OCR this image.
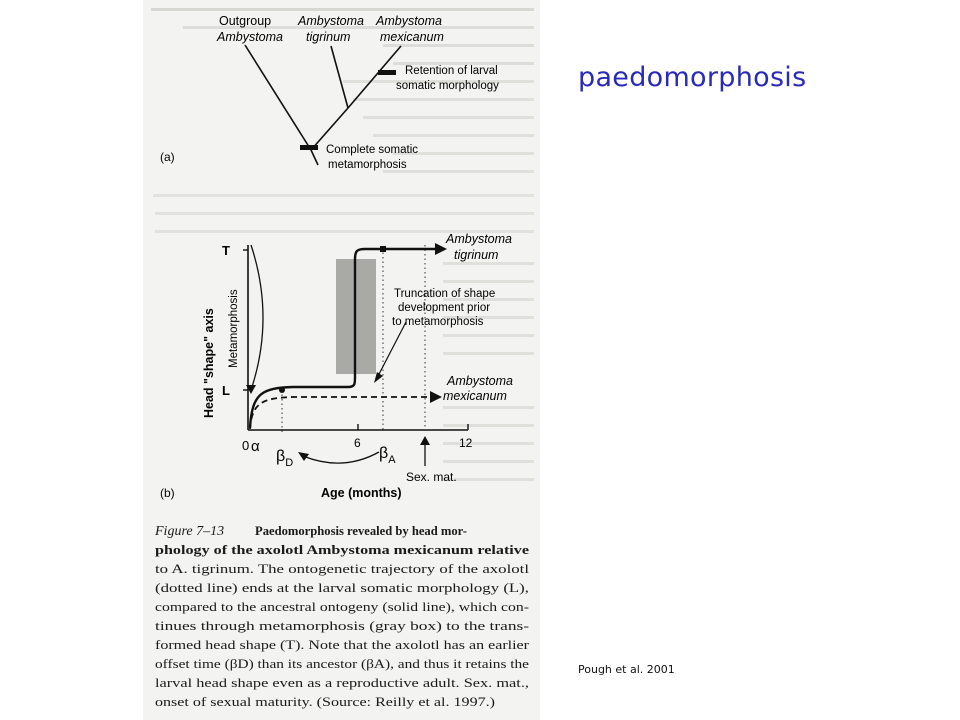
Outgroup Ambystoma
Ambystoma tigrinum
Ambystoma mexicanum
Retention of larval somatic morphology
Complete somatic metamorphosis
(a)
Head "shape" axis Metamorphosis
T
L
Ambystoma tigrinum
Ambystoma mexicanum
Truncation of shape development prior to metamorphosis
0 α	6	12
$\beta_D$
$\beta_A$
Sex. mat.
(b)	Age (months)
Figure 7–13 Paedomorphosis revealed by head mor-
phology of the axolotl Ambystoma mexicanum relative
to A. tigrinum. The ontogenetic trajectory of the axolotl
(dotted line) ends at the larval somatic morphology (L),
compared to the ancestral ontogeny (solid line), which con-
tinues through metamorphosis (gray box) to the trans-
formed head shape (T). Note that the axolotl has an earlier
offset time (βD) than its ancestor (βA), and thus it retains the
larval head shape even as a reproductive adult. Sex. mat.,
onset of sexual maturity. (Source: Reilly et al. 1997.)
paedomorphosis
Pough et al. 2001
